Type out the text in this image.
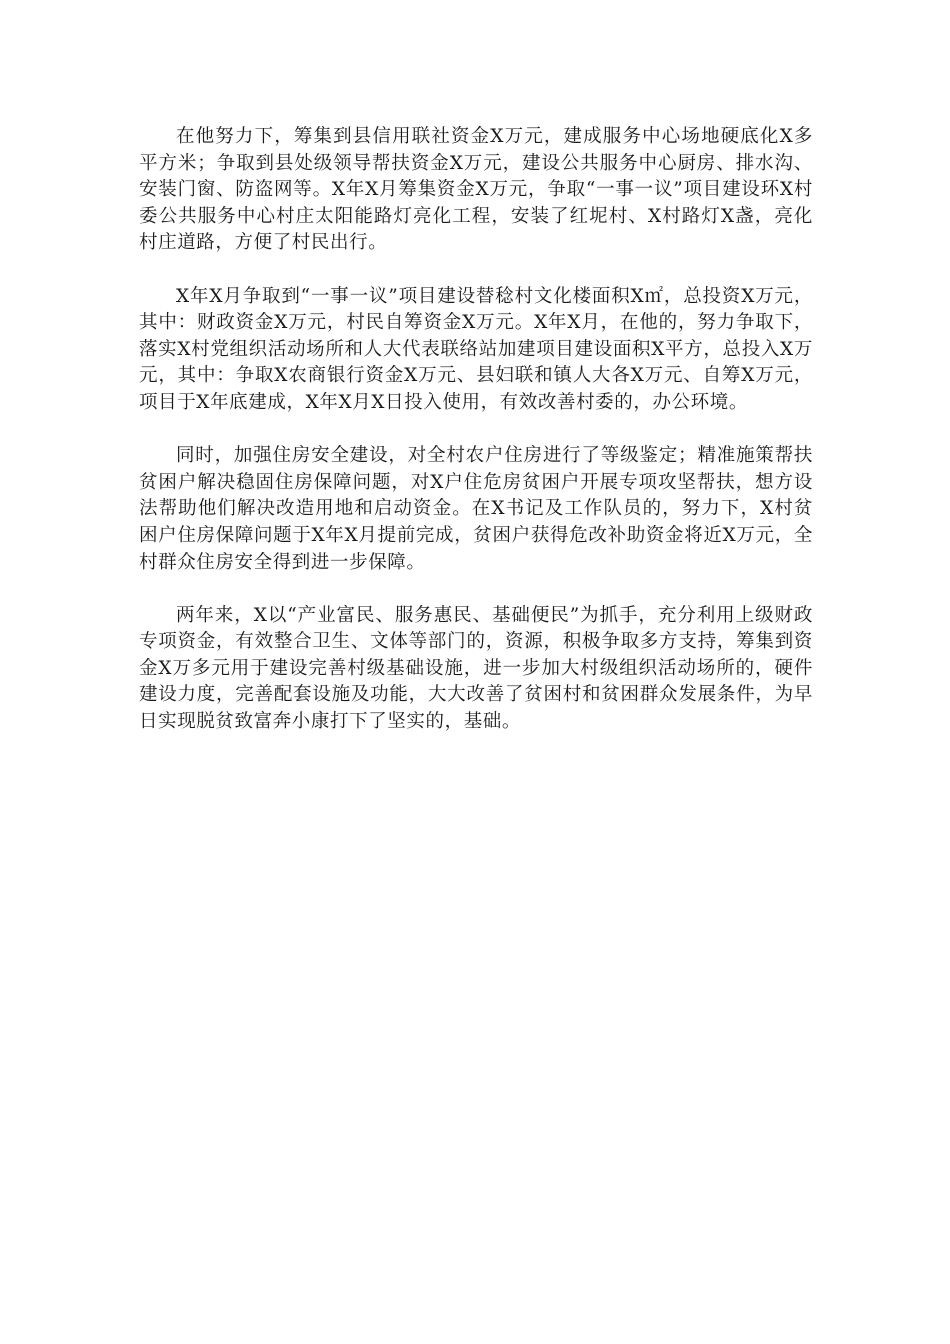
在他努力下，筹集到县信用联社资金X万元，建成服务中心场地硬底化X多平方米；争取到县处级领导帮扶资金X万元，建设公共服务中心厨房、排水沟、安装门窗、防盗网等。X年X月筹集资金X万元，争取“一事一议”项目建设环X村委公共服务中心村庄太阳能路灯亮化工程，安装了红坭村、X村路灯X盏，亮化村庄道路，方便了村民出行。

X年X月争取到“一事一议”项目建设替稔村文化楼面积X㎡，总投资X万元，其中：财政资金X万元，村民自筹资金X万元。X年X月，在他的，努力争取下，落实X村党组织活动场所和人大代表联络站加建项目建设面积X平方，总投入X万元，其中：争取X农商银行资金X万元、县妇联和镇人大各X万元、自筹X万元，项目于X年底建成，X年X月X日投入使用，有效改善村委的，办公环境。

同时，加强住房安全建设，对全村农户住房进行了等级鉴定；精准施策帮扶贫困户解决稳固住房保障问题，对X户住危房贫困户开展专项攻坚帮扶，想方设法帮助他们解决改造用地和启动资金。在X书记及工作队员的，努力下，X村贫困户住房保障问题于X年X月提前完成，贫困户获得危改补助资金将近X万元，全村群众住房安全得到进一步保障。

两年来，X以“产业富民、服务惠民、基础便民”为抓手，充分利用上级财政专项资金，有效整合卫生、文体等部门的，资源，积极争取多方支持，筹集到资金X万多元用于建设完善村级基础设施，进一步加大村级组织活动场所的，硬件建设力度，完善配套设施及功能，大大改善了贫困村和贫困群众发展条件，为早日实现脱贫致富奔小康打下了坚实的，基础。
